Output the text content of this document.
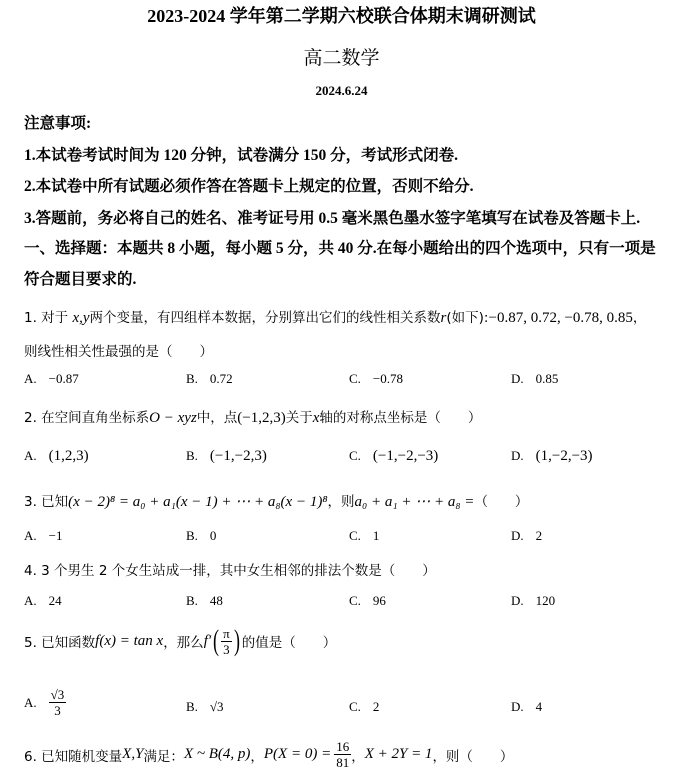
2023-2024 学年第二学期六校联合体期末调研测试
高二数学
2024.6.24
注意事项:
1.本试卷考试时间为 120 分钟，试卷满分 150 分，考试形式闭卷.
2.本试卷中所有试题必须作答在答题卡上规定的位置，否则不给分.
3.答题前，务必将自己的姓名、准考证号用 0.5 毫米黑色墨水签字笔填写在试卷及答题卡上.
一、选择题：本题共 8 小题，每小题 5 分，共 40 分.在每小题给出的四个选项中，只有一项是
符合题目要求的.
1. 对于 x,y两个变量，有四组样本数据，分别算出它们的线性相关系数r(如下):−0.87, 0.72, −0.78, 0.85，
则线性相关性最强的是（　　）
A. −0.87	B. 0.72	C. −0.78	D. 0.85
2. 在空间直角坐标系O − xyz中，点(−1,2,3)关于x轴的对称点坐标是（　　）
A. (1,2,3)	B. (−1,−2,3)	C. (−1,−2,−3)	D. (1,−2,−3)
3. 已知(x − 2)⁸ = a₀ + a₁(x − 1) + ⋯ + a₈(x − 1)⁸，则a₀ + a₁ + ⋯ + a₈ =（　　）
A. −1	B. 0	C. 1	D. 2
4. 3 个男生 2 个女生站成一排，其中女生相邻的排法个数是（　　）
A. 24	B. 48	C. 96	D. 120
5. 已知函数 f(x) = tan x ，那么 f′ ( $\frac{\pi}{3}$ ) 的值是（　　）
A. $\frac{√3}{3}$	B. √3	C. 2	D. 4
6. 已知随机变量 X,Y 满足： X ~ B(4, p) ， $P(X = 0) = \frac{16}{81}$ ， X + 2Y = 1 ，则（　　）
